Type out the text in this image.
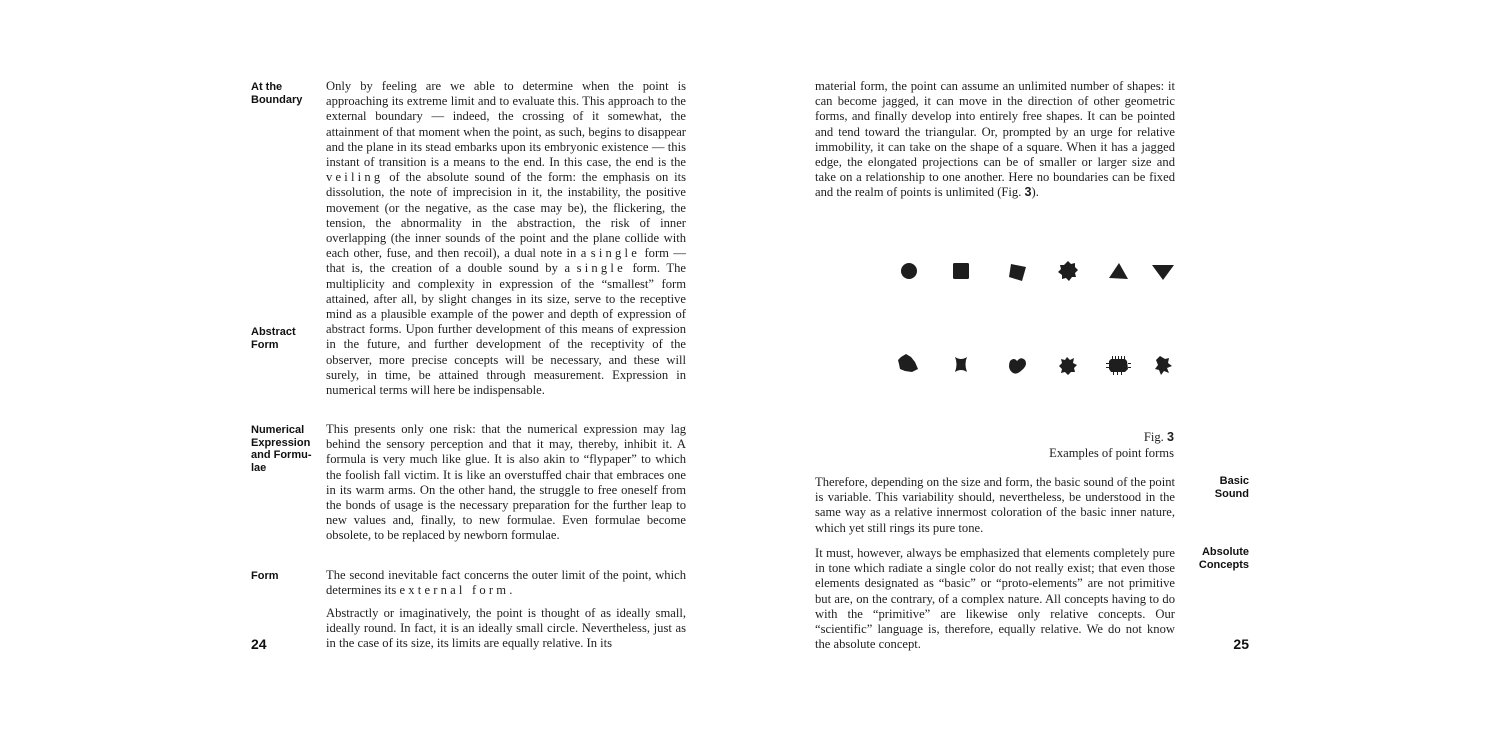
At the
Boundary
Abstract
Form
Numerical
Expression
and Formu-
lae
Form
Only by feeling are we able to determine when the point is approaching its extreme limit and to evaluate this. This approach to the external boundary — indeed, the crossing of it somewhat, the attainment of that moment when the point, as such, begins to disappear and the plane in its stead embarks upon its embryonic existence — this instant of transition is a means to the end. In this case, the end is the veiling of the absolute sound of the form: the emphasis on its dissolution, the note of imprecision in it, the instability, the positive movement (or the negative, as the case may be), the flickering, the tension, the abnormality in the abstraction, the risk of inner overlapping (the inner sounds of the point and the plane collide with each other, fuse, and then recoil), a dual note in a single form — that is, the creation of a double sound by a single form. The multiplicity and complexity in expression of the “smallest” form attained, after all, by slight changes in its size, serve to the receptive mind as a plausible example of the power and depth of expression of abstract forms. Upon further development of this means of expression in the future, and further development of the receptivity of the observer, more precise concepts will be necessary, and these will surely, in time, be attained through measurement. Expression in numerical terms will here be indispensable.
This presents only one risk: that the numerical expression may lag behind the sensory perception and that it may, thereby, inhibit it. A formula is very much like glue. It is also akin to “flypaper” to which the foolish fall victim. It is like an overstuffed chair that embraces one in its warm arms. On the other hand, the struggle to free oneself from the bonds of usage is the necessary preparation for the further leap to new values and, finally, to new formulae. Even formulae become obsolete, to be replaced by newborn formulae.
The second inevitable fact concerns the outer limit of the point, which determines its external form.
Abstractly or imaginatively, the point is thought of as ideally small, ideally round. In fact, it is an ideally small circle. Nevertheless, just as in the case of its size, its limits are equally relative. In its
24
material form, the point can assume an unlimited number of shapes: it can become jagged, it can move in the direction of other geometric forms, and finally develop into entirely free shapes. It can be pointed and tend toward the triangular. Or, prompted by an urge for relative immobility, it can take on the shape of a square. When it has a jagged edge, the elongated projections can be of smaller or larger size and take on a relationship to one another. Here no boundaries can be fixed and the realm of points is unlimited (Fig. 3).
Fig. 3
Examples of point forms
Therefore, depending on the size and form, the basic sound of the point is variable. This variability should, nevertheless, be understood in the same way as a relative innermost coloration of the basic inner nature, which yet still rings its pure tone.
It must, however, always be emphasized that elements completely pure in tone which radiate a single color do not really exist; that even those elements designated as “basic” or “proto-elements” are not primitive but are, on the contrary, of a complex nature. All concepts having to do with the “primitive” are likewise only relative concepts. Our “scientific” language is, therefore, equally relative. We do not know the absolute concept.
Basic
Sound
Absolute
Concepts
25
